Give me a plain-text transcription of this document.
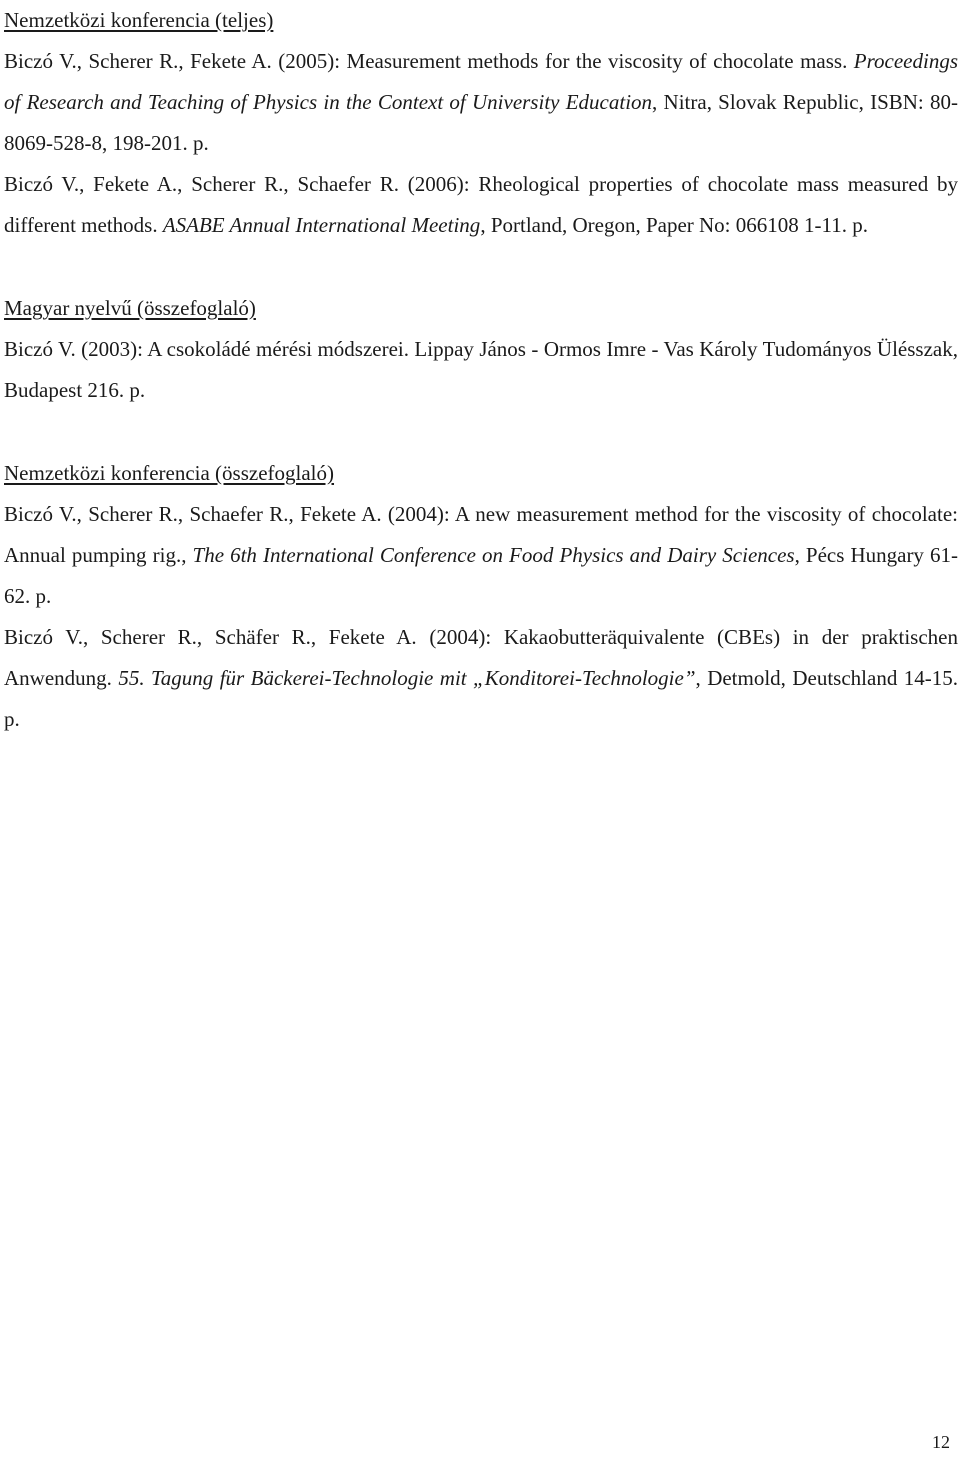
Nemzetközi konferencia (teljes)

Biczó V., Scherer R., Fekete A. (2005): Measurement methods for the viscosity of chocolate mass. Proceedings of Research and Teaching of Physics in the Context of University Education, Nitra, Slovak Republic, ISBN: 80-8069-528-8, 198-201. p.

Biczó V., Fekete A., Scherer R., Schaefer R. (2006): Rheological properties of chocolate mass measured by different methods. ASABE Annual International Meeting, Portland, Oregon, Paper No: 066108 1-11. p.

Magyar nyelvű (összefoglaló)

Biczó V. (2003): A csokoládé mérési módszerei. Lippay János - Ormos Imre - Vas Károly Tudományos Ülésszak, Budapest 216. p.

Nemzetközi konferencia (összefoglaló)

Biczó V., Scherer R., Schaefer R., Fekete A. (2004): A new measurement method for the viscosity of chocolate: Annual pumping rig., The 6th International Conference on Food Physics and Dairy Sciences, Pécs Hungary 61-62. p.

Biczó V., Scherer R., Schäfer R., Fekete A. (2004): Kakaobutteräquivalente (CBEs) in der praktischen Anwendung. 55. Tagung für Bäckerei-Technologie mit „Konditorei-Technologie”, Detmold, Deutschland 14-15. p.

12
